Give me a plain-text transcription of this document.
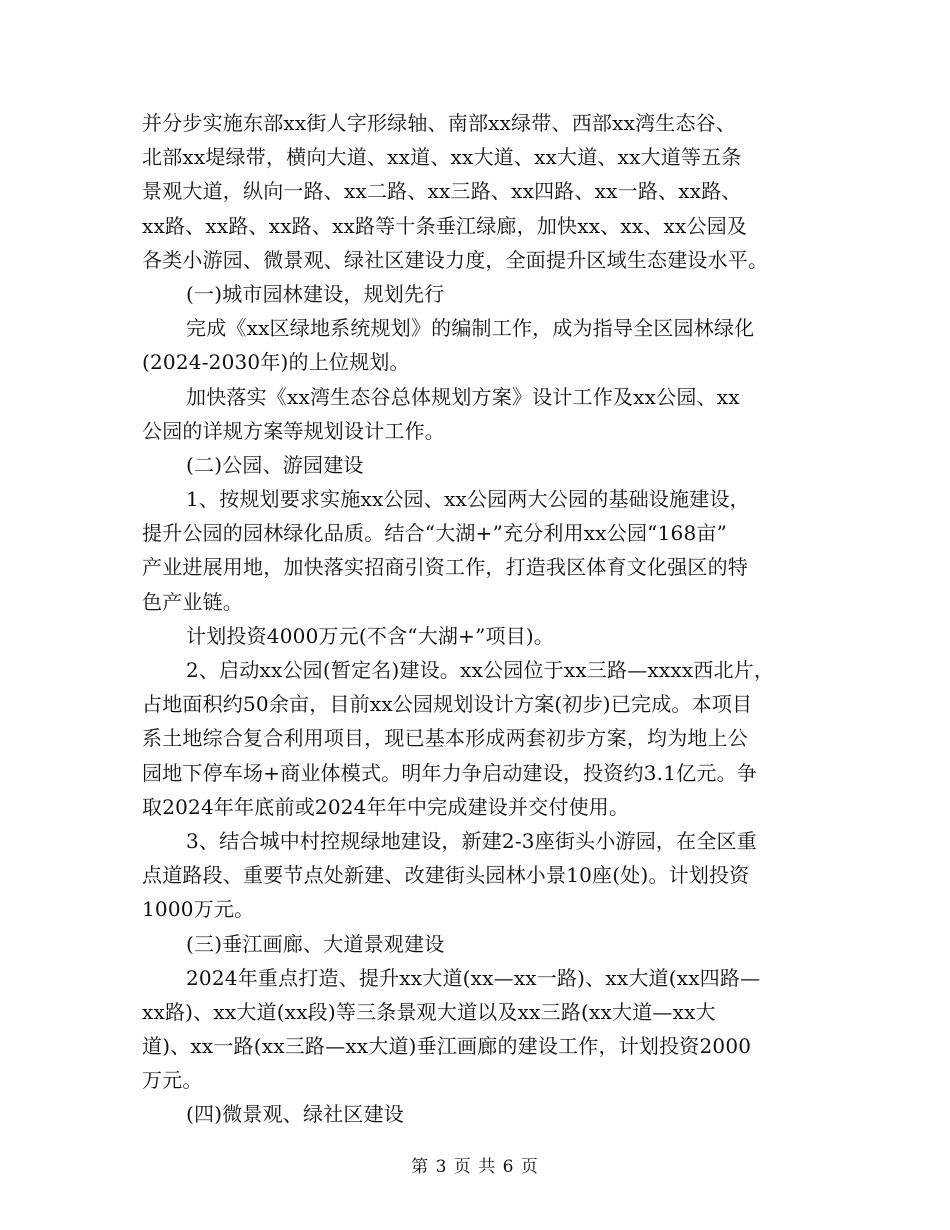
并分步实施东部xx街人字形绿轴、南部xx绿带、西部xx湾生态谷、
北部xx堤绿带，横向大道、xx道、xx大道、xx大道、xx大道等五条
景观大道，纵向一路、xx二路、xx三路、xx四路、xx一路、xx路、
xx路、xx路、xx路、xx路等十条垂江绿廊，加快xx、xx、xx公园及
各类小游园、微景观、绿社区建设力度，全面提升区域生态建设水平。
(一)城市园林建设，规划先行
完成《xx区绿地系统规划》的编制工作，成为指导全区园林绿化
(2024-2030年)的上位规划。
加快落实《xx湾生态谷总体规划方案》设计工作及xx公园、xx
公园的详规方案等规划设计工作。
(二)公园、游园建设
1、按规划要求实施xx公园、xx公园两大公园的基础设施建设，
提升公园的园林绿化品质。结合“大湖+”充分利用xx公园“168亩”
产业进展用地，加快落实招商引资工作，打造我区体育文化强区的特
色产业链。
计划投资4000万元(不含“大湖+”项目)。
2、启动xx公园(暂定名)建设。xx公园位于xx三路—xxxx西北片，
占地面积约50余亩，目前xx公园规划设计方案(初步)已完成。本项目
系土地综合复合利用项目，现已基本形成两套初步方案，均为地上公
园地下停车场+商业体模式。明年力争启动建设，投资约3.1亿元。争
取2024年年底前或2024年年中完成建设并交付使用。
3、结合城中村控规绿地建设，新建2-3座街头小游园，在全区重
点道路段、重要节点处新建、改建街头园林小景10座(处)。计划投资
1000万元。
(三)垂江画廊、大道景观建设
2024年重点打造、提升xx大道(xx—xx一路)、xx大道(xx四路—
xx路)、xx大道(xx段)等三条景观大道以及xx三路(xx大道—xx大
道)、xx一路(xx三路—xx大道)垂江画廊的建设工作，计划投资2000
万元。
(四)微景观、绿社区建设
第 3 页 共 6 页
